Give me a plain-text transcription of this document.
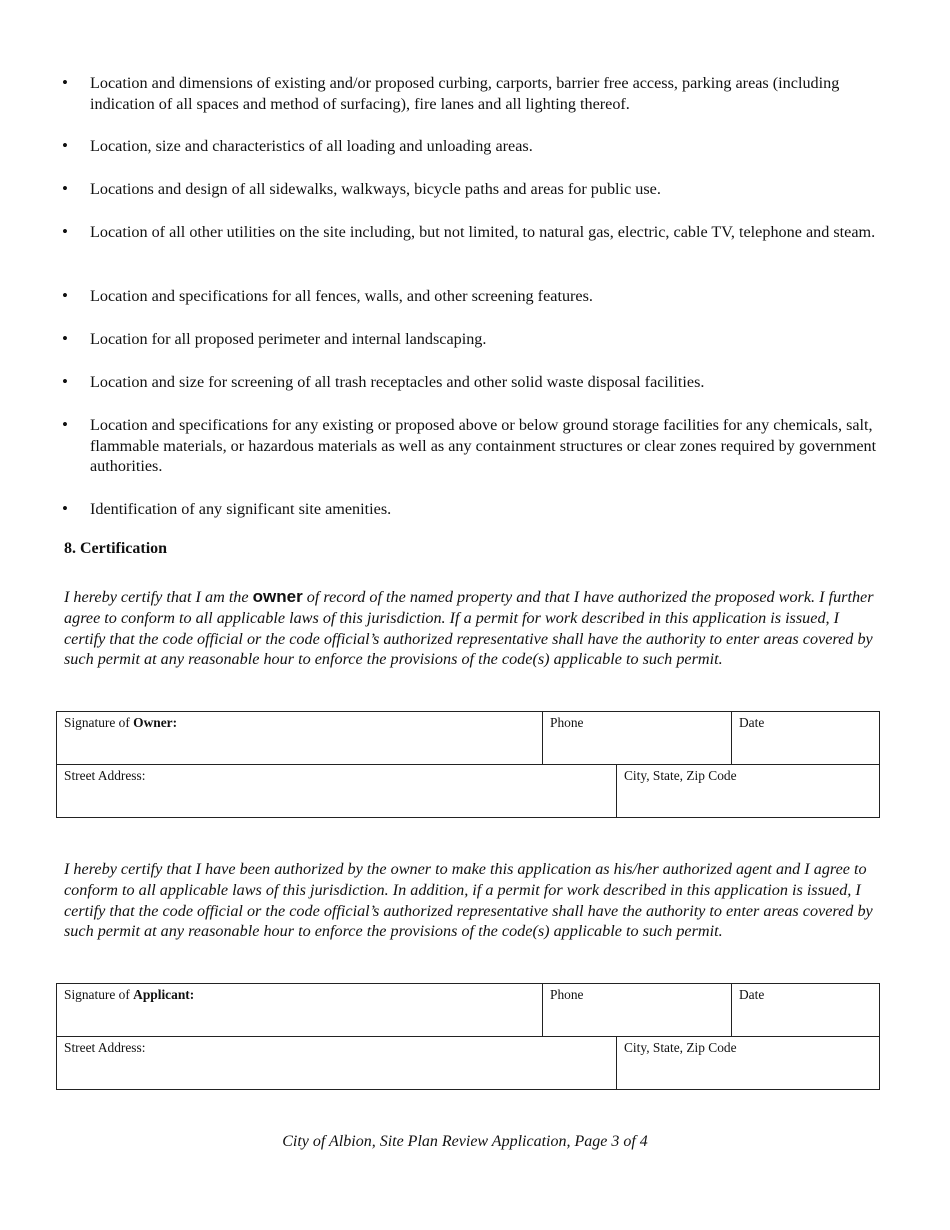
• Location and dimensions of existing and/or proposed curbing, carports, barrier free access, parking areas (including indication of all spaces and method of surfacing), fire lanes and all lighting thereof.
• Location, size and characteristics of all loading and unloading areas.
• Locations and design of all sidewalks, walkways, bicycle paths and areas for public use.
• Location of all other utilities on the site including, but not limited, to natural gas, electric, cable TV, telephone and steam.
• Location and specifications for all fences, walls, and other screening features.
• Location for all proposed perimeter and internal landscaping.
• Location and size for screening of all trash receptacles and other solid waste disposal facilities.
• Location and specifications for any existing or proposed above or below ground storage facilities for any chemicals, salt, flammable materials, or hazardous materials as well as any containment structures or clear zones required by government authorities.
• Identification of any significant site amenities.
8. Certification

I hereby certify that I am the owner of record of the named property and that I have authorized the proposed work. I further agree to conform to all applicable laws of this jurisdiction. If a permit for work described in this application is issued, I certify that the code official or the code official’s authorized representative shall have the authority to enter areas covered by such permit at any reasonable hour to enforce the provisions of the code(s) applicable to such permit.

Signature of Owner:	Phone	Date
Street Address:	City, State, Zip Code

I hereby certify that I have been authorized by the owner to make this application as his/her authorized agent and I agree to conform to all applicable laws of this jurisdiction. In addition, if a permit for work described in this application is issued, I certify that the code official or the code official’s authorized representative shall have the authority to enter areas covered by such permit at any reasonable hour to enforce the provisions of the code(s) applicable to such permit.

Signature of Applicant:	Phone	Date
Street Address:	City, State, Zip Code

City of Albion, Site Plan Review Application, Page 3 of 4
